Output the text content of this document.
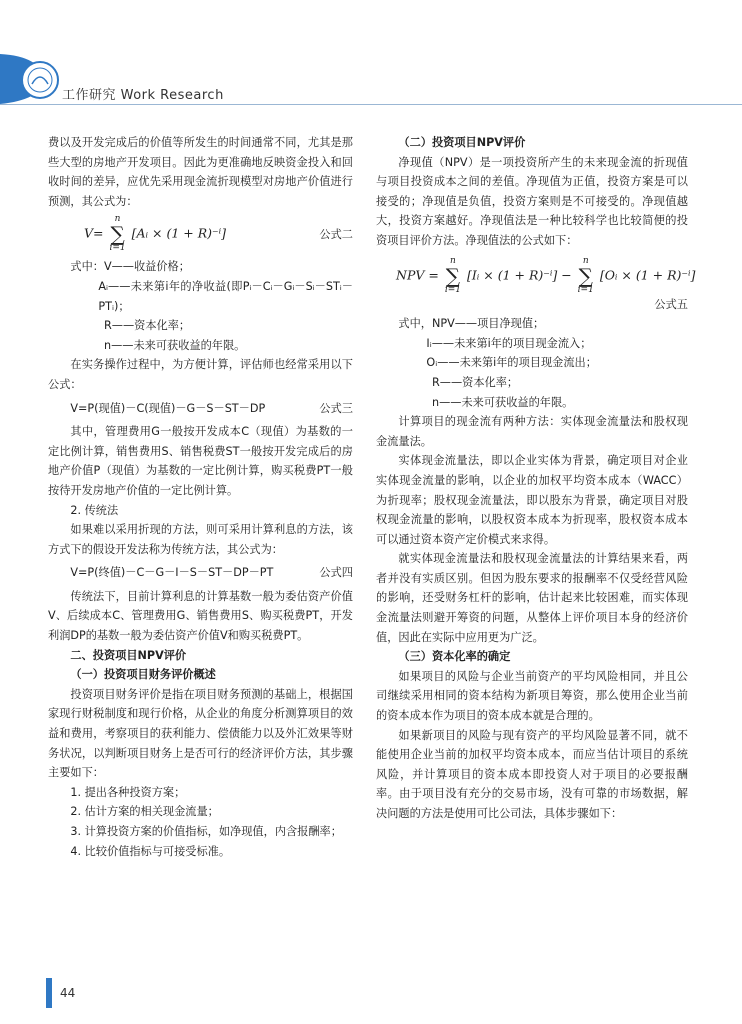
工作研究 Work Research

费以及开发完成后的价值等所发生的时间通常不同，尤其是那些大型的房地产开发项目。因此为更准确地反映资金投入和回收时间的差异，应优先采用现金流折现模型对房地产价值进行预测，其公式为：

V=
n
∑
i=1
[Aᵢ × (1 + R)⁻ⁱ]	公式二

式中：V——收益价格；

Aᵢ——未来第i年的净收益(即Pᵢ－Cᵢ－Gᵢ－Sᵢ－STᵢ－PTᵢ)；

R——资本化率；

n——未来可获收益的年限。

在实务操作过程中，为方便计算，评估师也经常采用以下公式：

V=P(现值)－C(现值)－G－S－ST－DP	公式三

其中，管理费用G一般按开发成本C（现值）为基数的一定比例计算，销售费用S、销售税费ST一般按开发完成后的房地产价值P（现值）为基数的一定比例计算，购买税费PT一般按待开发房地产价值的一定比例计算。

2. 传统法

如果难以采用折现的方法，则可采用计算利息的方法，该方式下的假设开发法称为传统方法，其公式为：

V=P(终值)－C－G－I－S－ST－DP－PT	公式四

传统法下，目前计算利息的计算基数一般为委估资产价值V、后续成本C、管理费用G、销售费用S、购买税费PT，开发利润DP的基数一般为委估资产价值V和购买税费PT。

二、投资项目NPV评价

（一）投资项目财务评价概述

投资项目财务评价是指在项目财务预测的基础上，根据国家现行财税制度和现行价格，从企业的角度分析测算项目的效益和费用，考察项目的获利能力、偿债能力以及外汇效果等财务状况，以判断项目财务上是否可行的经济评价方法，其步骤主要如下：

1. 提出各种投资方案；

2. 估计方案的相关现金流量；

3. 计算投资方案的价值指标，如净现值，内含报酬率；

4. 比较价值指标与可接受标准。

（二）投资项目NPV评价

净现值（NPV）是一项投资所产生的未来现金流的折现值与项目投资成本之间的差值。净现值为正值，投资方案是可以接受的；净现值是负值，投资方案则是不可接受的。净现值越大，投资方案越好。净现值法是一种比较科学也比较简便的投资项目评价方法。净现值法的公式如下：

NPV =
n
∑
i=1
[Iᵢ × (1 + R)⁻ⁱ] −
n
∑
i=1
[Oᵢ × (1 + R)⁻ⁱ]

公式五

式中，NPV——项目净现值；

Iᵢ——未来第i年的项目现金流入；

Oᵢ——未来第i年的项目现金流出；

R——资本化率；

n——未来可获收益的年限。

计算项目的现金流有两种方法：实体现金流量法和股权现金流量法。

实体现金流量法，即以企业实体为背景，确定项目对企业实体现金流量的影响，以企业的加权平均资本成本（WACC）为折现率；股权现金流量法，即以股东为背景，确定项目对股权现金流量的影响，以股权资本成本为折现率，股权资本成本可以通过资本资产定价模式来求得。

就实体现金流量法和股权现金流量法的计算结果来看，两者并没有实质区别。但因为股东要求的报酬率不仅受经营风险的影响，还受财务杠杆的影响，估计起来比较困难，而实体现金流量法则避开筹资的问题，从整体上评价项目本身的经济价值，因此在实际中应用更为广泛。

（三）资本化率的确定

如果项目的风险与企业当前资产的平均风险相同，并且公司继续采用相同的资本结构为新项目筹资，那么使用企业当前的资本成本作为项目的资本成本就是合理的。

如果新项目的风险与现有资产的平均风险显著不同，就不能使用企业当前的加权平均资本成本，而应当估计项目的系统风险，并计算项目的资本成本即投资人对于项目的必要报酬率。由于项目没有充分的交易市场，没有可靠的市场数据，解决问题的方法是使用可比公司法，具体步骤如下：

44
